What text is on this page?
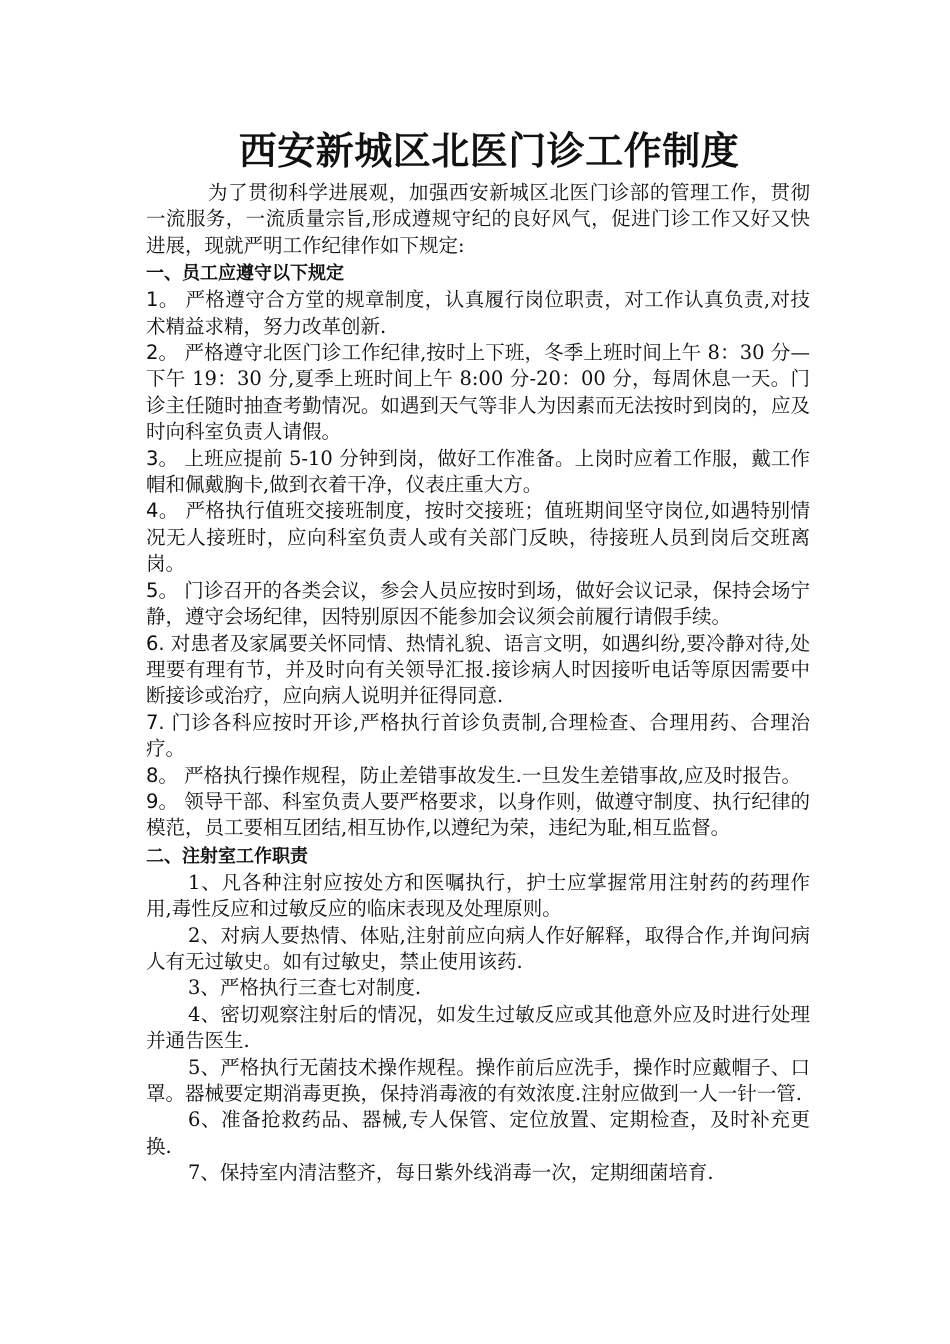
西安新城区北医门诊工作制度

为了贯彻科学进展观，加强西安新城区北医门诊部的管理工作，贯彻一流服务，一流质量宗旨,形成遵规守纪的良好风气，促进门诊工作又好又快进展，现就严明工作纪律作如下规定:

一、员工应遵守以下规定

1。 严格遵守合方堂的规章制度，认真履行岗位职责，对工作认真负责,对技术精益求精，努力改革创新.

2。 严格遵守北医门诊工作纪律,按时上下班，冬季上班时间上午 8：30 分—下午 19：30 分,夏季上班时间上午 8:00 分-20：00 分，每周休息一天。门诊主任随时抽查考勤情况。如遇到天气等非人为因素而无法按时到岗的，应及时向科室负责人请假。

3。 上班应提前 5-10 分钟到岗，做好工作准备。上岗时应着工作服，戴工作帽和佩戴胸卡,做到衣着干净，仪表庄重大方。

4。 严格执行值班交接班制度，按时交接班；值班期间坚守岗位,如遇特别情况无人接班时，应向科室负责人或有关部门反映，待接班人员到岗后交班离岗。

5。 门诊召开的各类会议，参会人员应按时到场，做好会议记录，保持会场宁静，遵守会场纪律，因特别原因不能参加会议须会前履行请假手续。

6. 对患者及家属要关怀同情、热情礼貌、语言文明，如遇纠纷,要冷静对待,处理要有理有节，并及时向有关领导汇报.接诊病人时因接听电话等原因需要中断接诊或治疗，应向病人说明并征得同意.

7. 门诊各科应按时开诊,严格执行首诊负责制,合理检查、合理用药、合理治疗。

8。 严格执行操作规程，防止差错事故发生.一旦发生差错事故,应及时报告。

9。 领导干部、科室负责人要严格要求，以身作则，做遵守制度、执行纪律的模范，员工要相互团结,相互协作,以遵纪为荣，违纪为耻,相互监督。

二、注射室工作职责

1、凡各种注射应按处方和医嘱执行，护士应掌握常用注射药的药理作用,毒性反应和过敏反应的临床表现及处理原则。

2、对病人要热情、体贴,注射前应向病人作好解释，取得合作,并询问病人有无过敏史。如有过敏史，禁止使用该药.

3、严格执行三查七对制度.

4、密切观察注射后的情况，如发生过敏反应或其他意外应及时进行处理并通告医生.

5、严格执行无菌技术操作规程。操作前后应洗手，操作时应戴帽子、口罩。器械要定期消毒更换，保持消毒液的有效浓度.注射应做到一人一针一管.

6、准备抢救药品、器械,专人保管、定位放置、定期检查，及时补充更换.

7、保持室内清洁整齐，每日紫外线消毒一次，定期细菌培育.
